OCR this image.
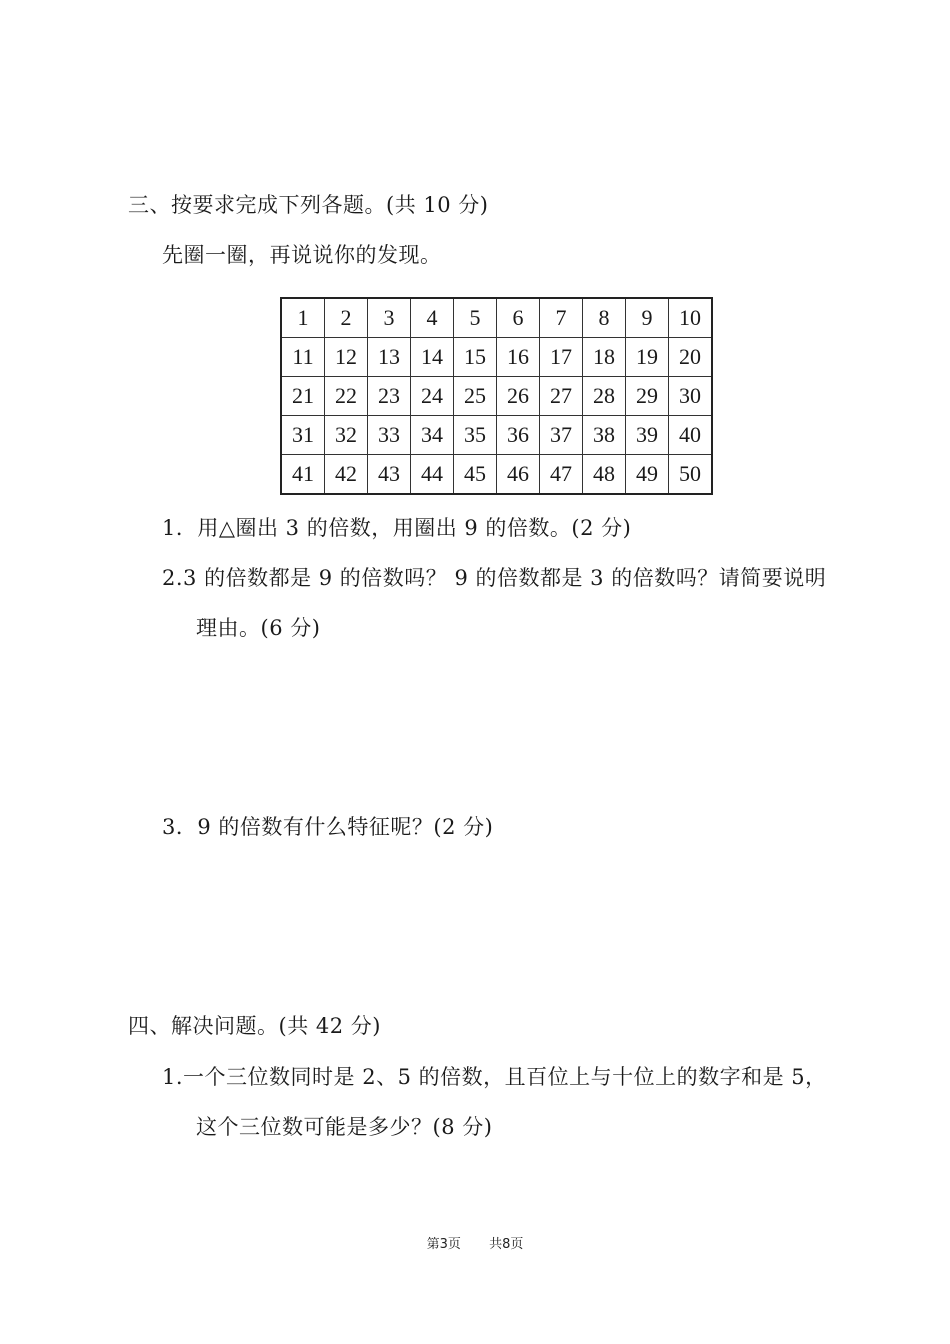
三、按要求完成下列各题。(共 10 分)
先圈一圈，再说说你的发现。
1	2	3	4	5	6	7	8	9	10
11	12	13	14	15	16	17	18	19	20
21	22	23	24	25	26	27	28	29	30
31	32	33	34	35	36	37	38	39	40
41	42	43	44	45	46	47	48	49	50
1．用△圈出 3 的倍数，用圈出 9 的倍数。(2 分)
2.3 的倍数都是 9 的倍数吗？ 9 的倍数都是 3 的倍数吗？请简要说明
理由。(6 分)
3．9 的倍数有什么特征呢？(2 分)
四、解决问题。(共 42 分)
1.一个三位数同时是 2、5 的倍数，且百位上与十位上的数字和是 5，
这个三位数可能是多少？(8 分)
第3页 共8页
